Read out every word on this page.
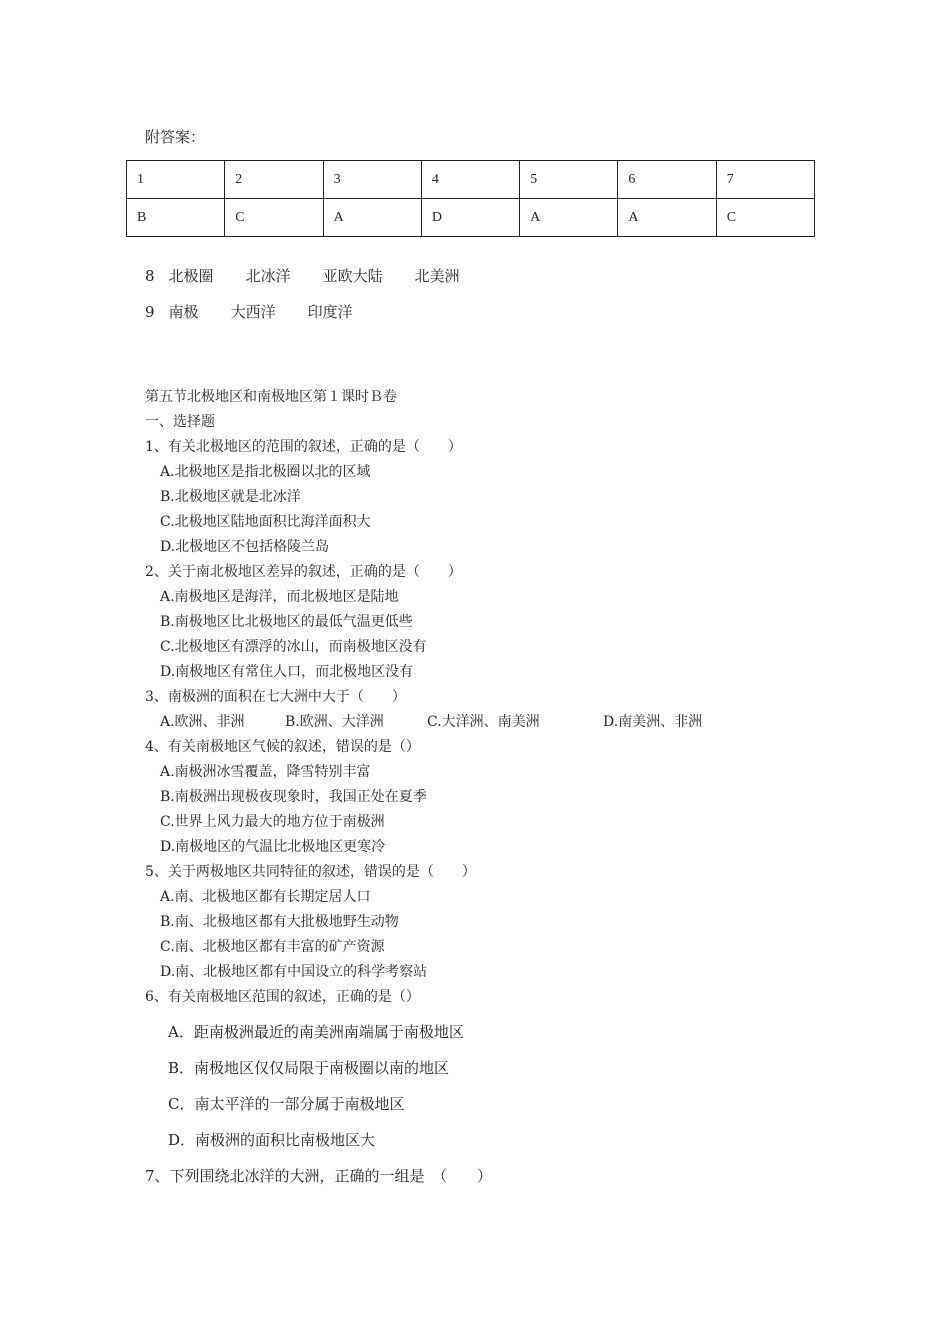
附答案：
1	2	3	4	5	6	7
B	C	A	D	A	A	C
8 北极圈 北冰洋 亚欧大陆 北美洲
9 南极 大西洋 印度洋
第五节北极地区和南极地区第１课时Ｂ卷
一、选择题
1、有关北极地区的范围的叙述，正确的是（　　）
A.北极地区是指北极圈以北的区域
B.北极地区就是北冰洋
C.北极地区陆地面积比海洋面积大
D.北极地区不包括格陵兰岛
2、关于南北极地区差异的叙述，正确的是（　　）
A.南极地区是海洋，而北极地区是陆地
B.南极地区比北极地区的最低气温更低些
C.北极地区有漂浮的冰山，而南极地区没有
D.南极地区有常住人口，而北极地区没有
3、南极洲的面积在七大洲中大于（　　）
A.欧洲、非洲	B.欧洲、大洋洲	C.大洋洲、南美洲	D.南美洲、非洲
4、有关南极地区气候的叙述，错误的是（）
A.南极洲冰雪覆盖，降雪特别丰富
B.南极洲出现极夜现象时，我国正处在夏季
C.世界上风力最大的地方位于南极洲
D.南极地区的气温比北极地区更寒冷
5、关于两极地区共同特征的叙述，错误的是（　　）
A.南、北极地区都有长期定居人口
B.南、北极地区都有大批极地野生动物
C.南、北极地区都有丰富的矿产资源
D.南、北极地区都有中国设立的科学考察站
6、有关南极地区范围的叙述，正确的是（）
A．距南极洲最近的南美洲南端属于南极地区
B．南极地区仅仅局限于南极圈以南的地区
C．南太平洋的一部分属于南极地区
D．南极洲的面积比南极地区大
7、下列围绕北冰洋的大洲，正确的一组是　（　　）
